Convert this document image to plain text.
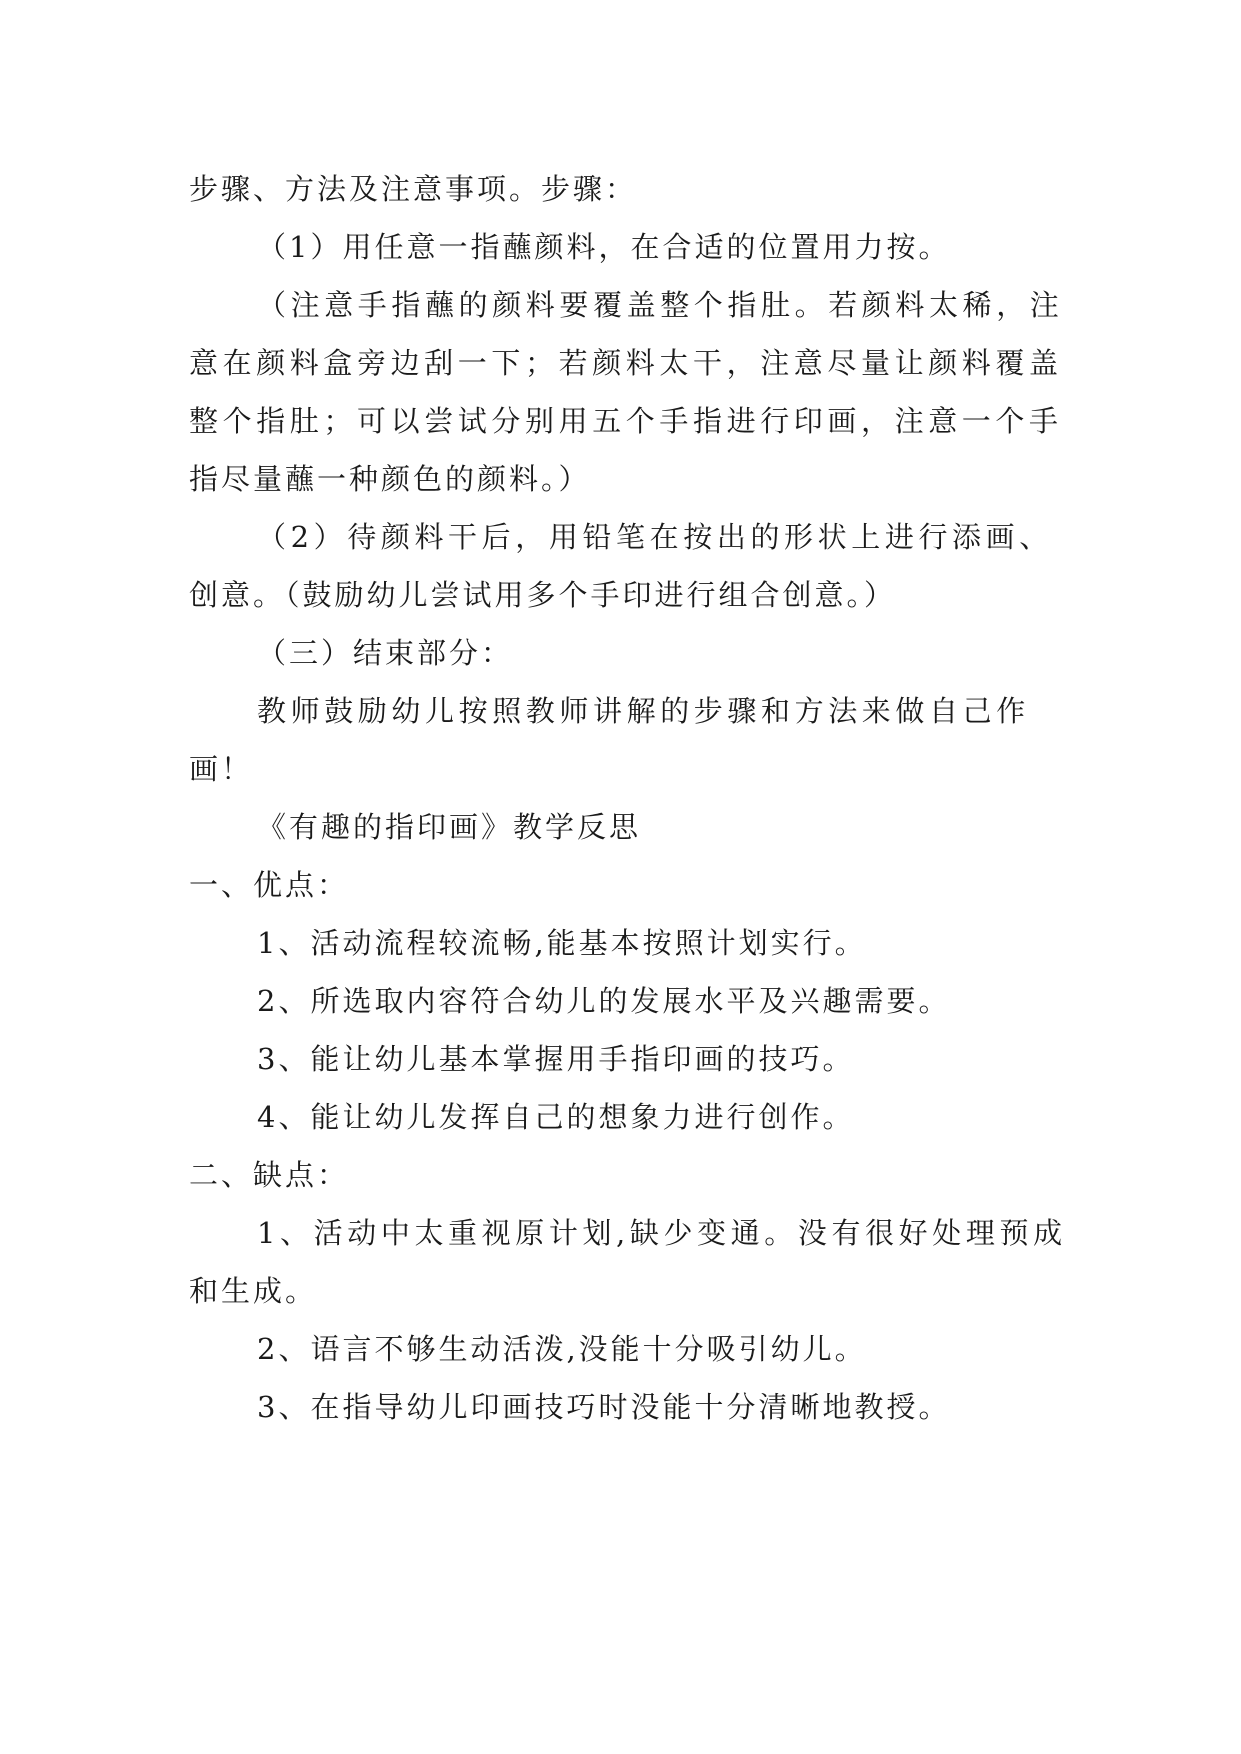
步骤、方法及注意事项。步骤：
（1）用任意一指蘸颜料，在合适的位置用力按。
（注意手指蘸的颜料要覆盖整个指肚。若颜料太稀，注
意在颜料盒旁边刮一下；若颜料太干，注意尽量让颜料覆盖
整个指肚；可以尝试分别用五个手指进行印画，注意一个手
指尽量蘸一种颜色的颜料。）
（2）待颜料干后，用铅笔在按出的形状上进行添画、
创意。（鼓励幼儿尝试用多个手印进行组合创意。）
（三）结束部分：
教师鼓励幼儿按照教师讲解的步骤和方法来做自己作
画！
《有趣的指印画》教学反思
一、优点：
1、活动流程较流畅,能基本按照计划实行。
2、所选取内容符合幼儿的发展水平及兴趣需要。
3、能让幼儿基本掌握用手指印画的技巧。
4、能让幼儿发挥自己的想象力进行创作。
二、缺点：
1、活动中太重视原计划,缺少变通。没有很好处理预成
和生成。
2、语言不够生动活泼,没能十分吸引幼儿。
3、在指导幼儿印画技巧时没能十分清晰地教授。
